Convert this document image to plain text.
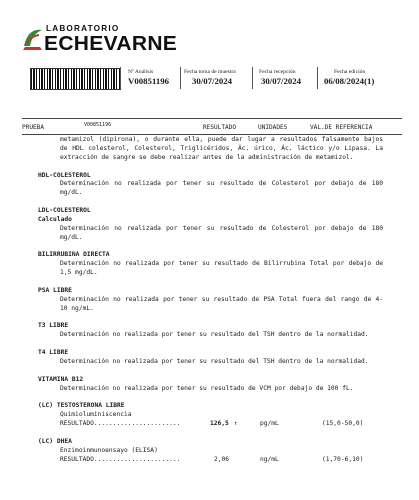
LABORATORIO
ECHEVARNE
Nº Análisis
V00851196
Fecha toma de muestra
30/07/2024
Fecha recepción
30/07/2024
Fecha edición
06/08/2024(1)
V00851196
PRUEBA	RESULTADO	UNIDADES	VAL.DE REFERENCIA
metamizol (dipirona), o durante ella, puede dar lugar a resultados falsamente bajos de HDL colesterol, Colesterol, Triglicéridos, Ác. úrico, Ác. láctico y/o Lipasa. La extracción de sangre se debe realizar antes de la administración de metamizol.
HDL-COLESTEROL
Determinación no realizada por tener su resultado de Colesterol por debajo de 180 mg/dL.
LDL-COLESTEROL
Calculado
Determinación no realizada por tener su resultado de Colesterol por debajo de 180 mg/dL.
BILIRRUBINA DIRECTA
Determinación no realizada por tener su resultado de Bilirrubina Total por debajo de 1,5 mg/dL.
PSA LIBRE
Determinación no realizada por tener su resultado de PSA Total fuera del rango de 4-10 ng/mL.
T3 LIBRE
Determinación no realizada por tener su resultado del TSH dentro de la normalidad.
T4 LIBRE
Determinación no realizada por tener su resultado del TSH dentro de la normalidad.
VITAMINA B12
Determinación no realizada por tener su resultado de VCM por debajo de 100 fL.
(LC) TESTOSTERONA LIBRE
Quimioluminiscencia
RESULTADO.......................	126,5 ↑	pg/mL	(15,0-50,0)
(LC) DHEA
Enzimoinmunoensayo (ELISA)
RESULTADO.......................	2,06	ng/mL	(1,70-6,10)
